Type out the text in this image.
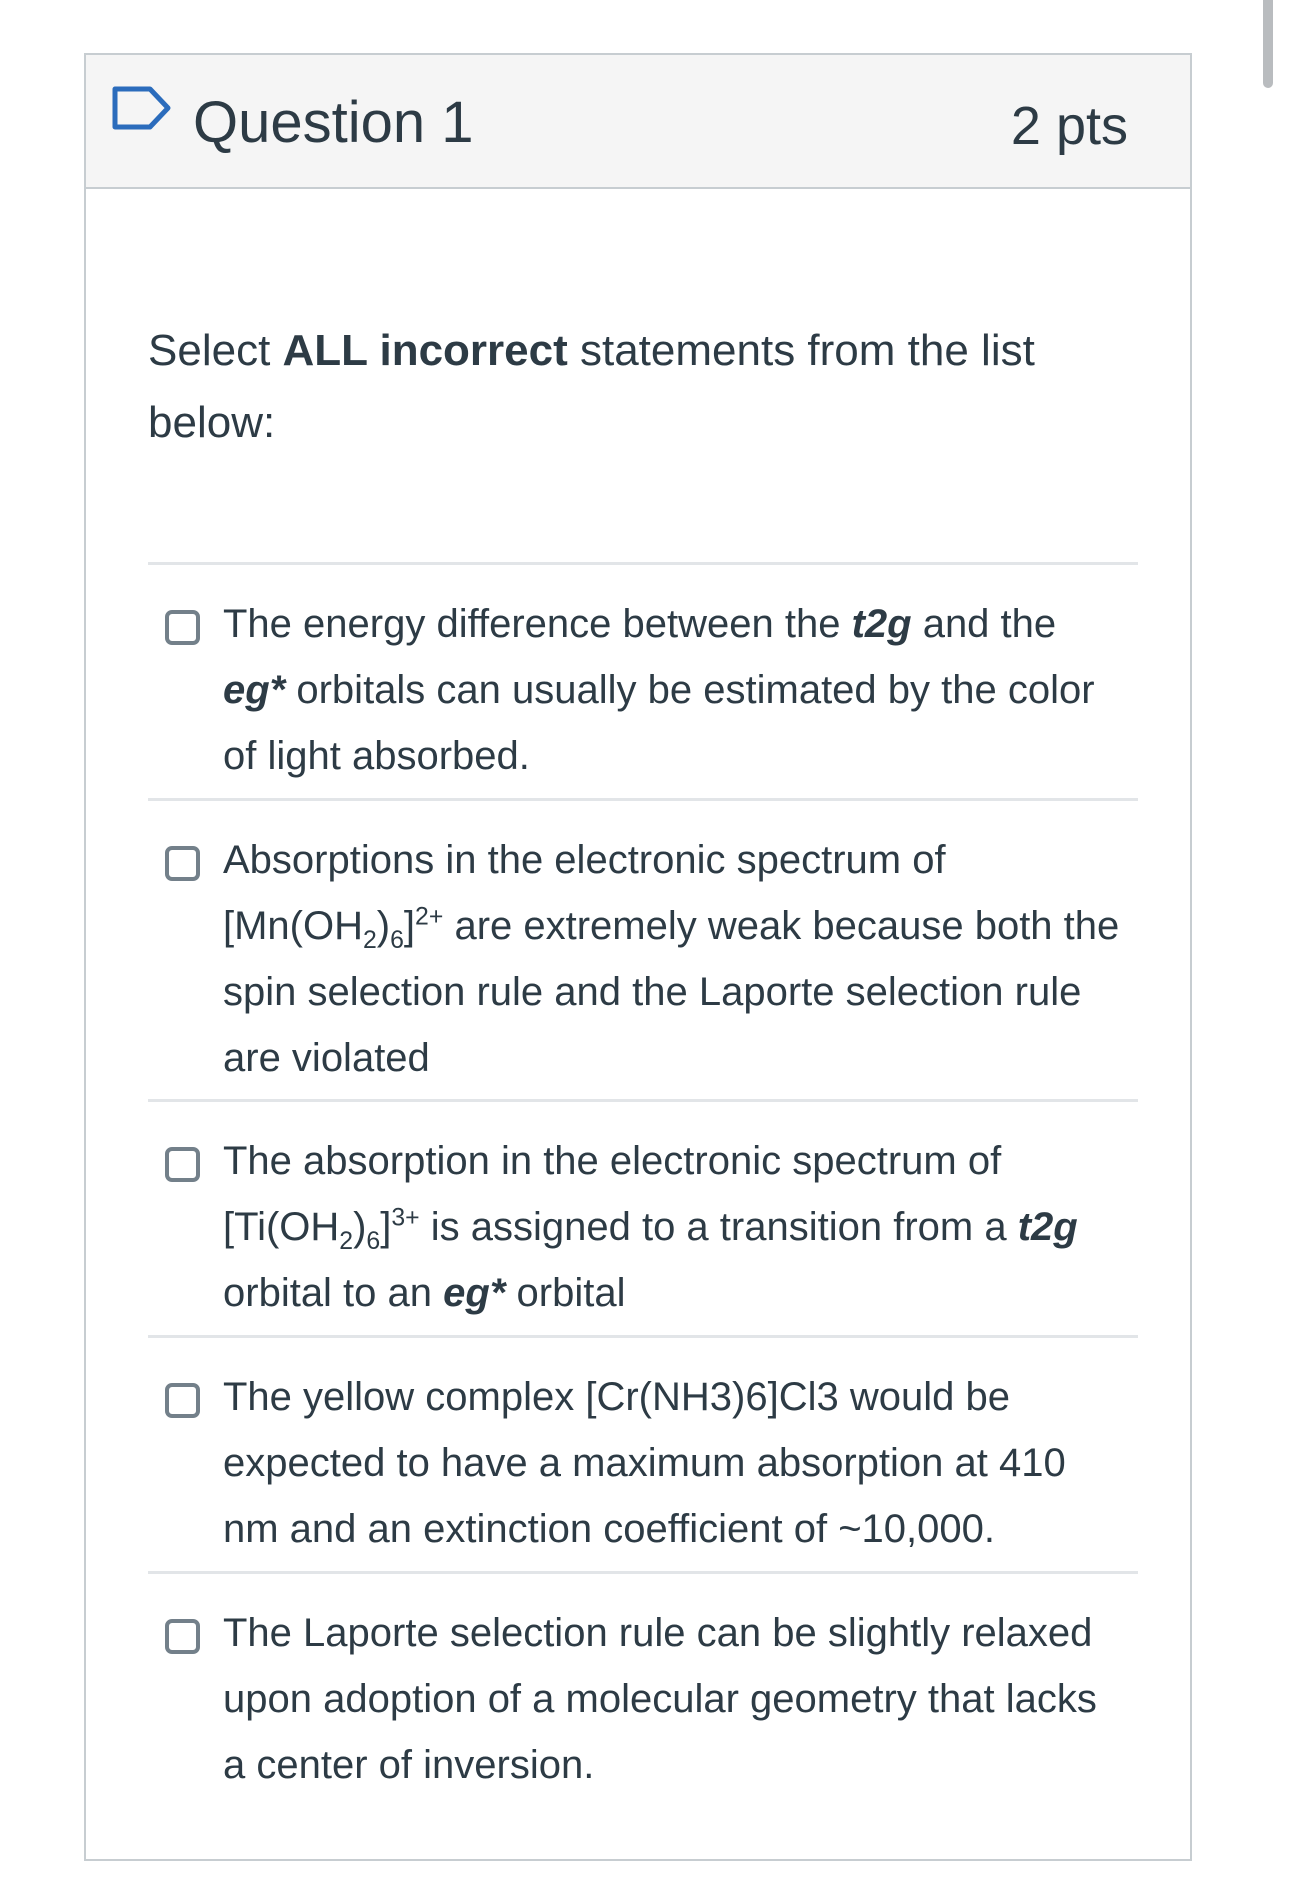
Question 1	2 pts
Select ALL incorrect statements from the list below:
The energy difference between the t2g and the eg* orbitals can usually be estimated by the color of light absorbed.
Absorptions in the electronic spectrum of $[Mn(OH_2)_6]^{2+}$ are extremely weak because both the spin selection rule and the Laporte selection rule are violated
The absorption in the electronic spectrum of $[Ti(OH_2)_6]^{3+}$ is assigned to a transition from a t2g orbital to an eg* orbital
The yellow complex [Cr(NH3)6]Cl3 would be expected to have a maximum absorption at 410 nm and an extinction coefficient of ~10,000.
The Laporte selection rule can be slightly relaxed upon adoption of a molecular geometry that lacks a center of inversion.
